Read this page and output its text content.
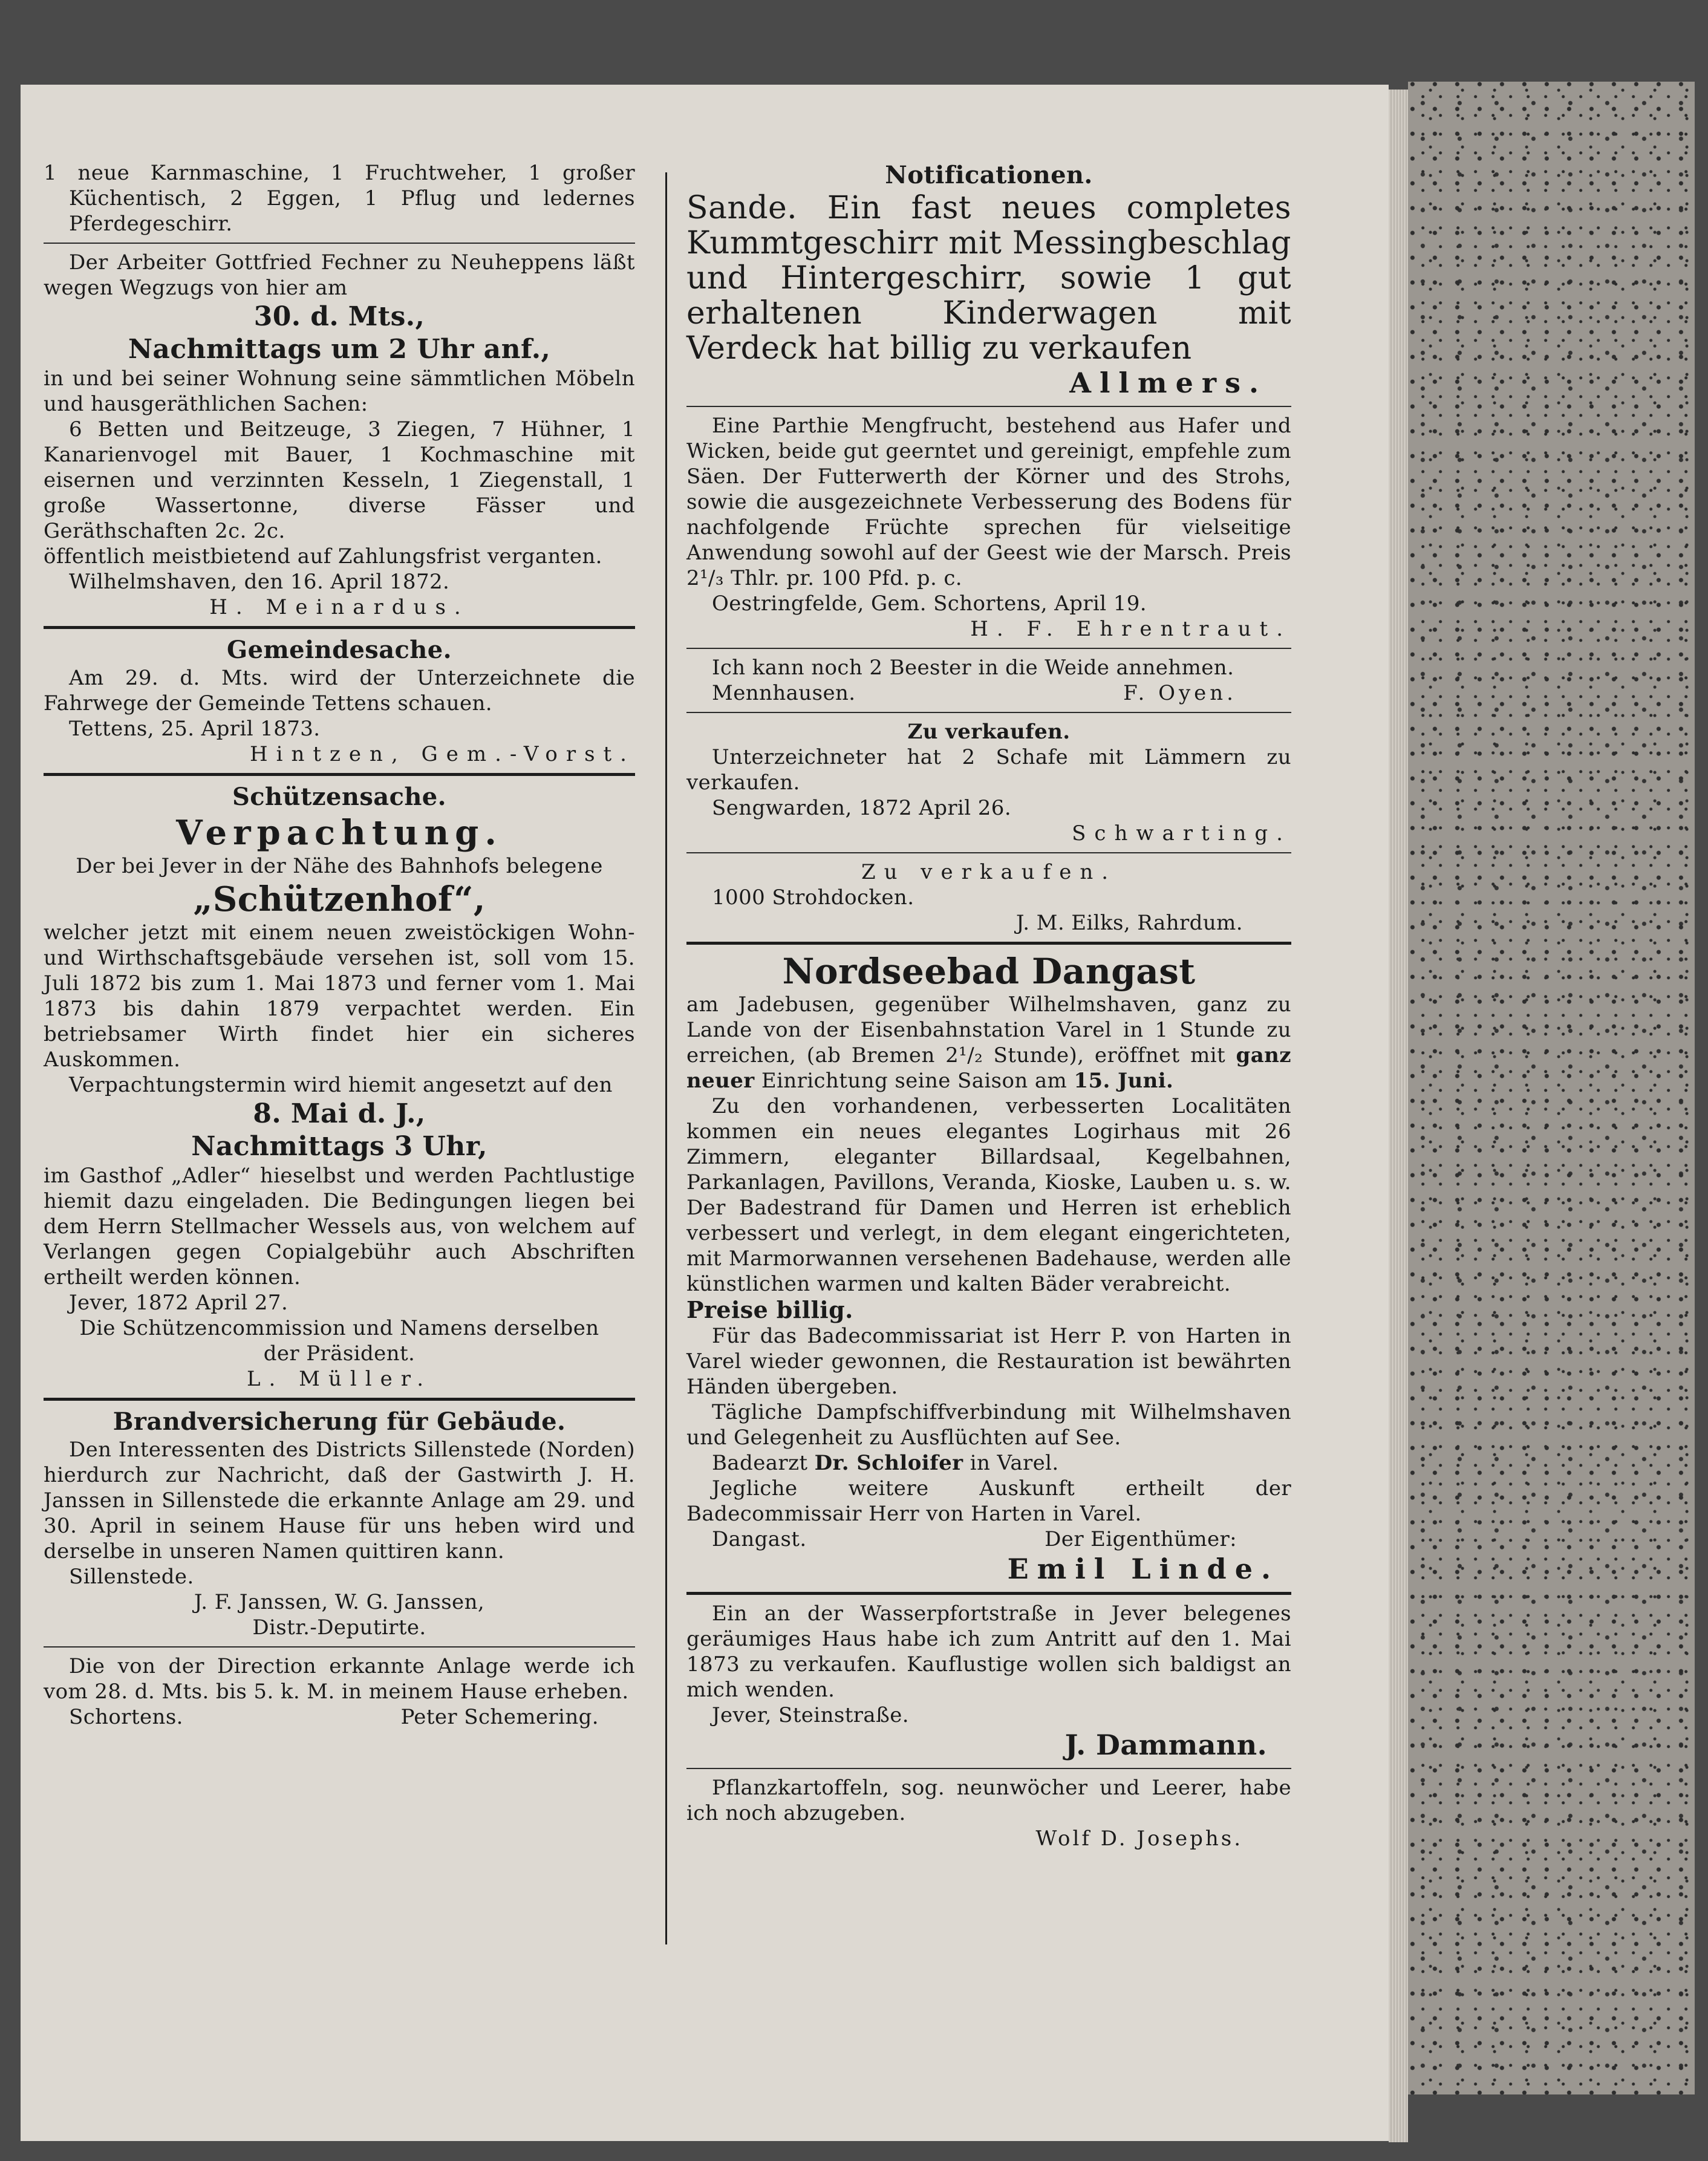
1 neue Karnmaschine, 1 Fruchtweher, 1 großer Küchentisch, 2 Eggen, 1 Pflug und ledernes Pferdegeschirr.

Der Arbeiter Gottfried Fechner zu Neuheppens läßt wegen Wegzugs von hier am

30. d. Mts.,

Nachmittags um 2 Uhr anf.,

in und bei seiner Wohnung seine sämmtlichen Möbeln und hausgeräthlichen Sachen:

6 Betten und Beitzeuge, 3 Ziegen, 7 Hühner, 1 Kanarienvogel mit Bauer, 1 Kochmaschine mit eisernen und verzinnten Kesseln, 1 Ziegenstall, 1 große Wassertonne, diverse Fässer und Geräthschaften 2c. 2c.

öffentlich meistbietend auf Zahlungsfrist verganten.

Wilhelmshaven, den 16. April 1872.

H. Meinardus.

Gemeindesache.

Am 29. d. Mts. wird der Unterzeichnete die Fahrwege der Gemeinde Tettens schauen.

Tettens, 25. April 1873.

Hintzen, Gem.-Vorst.

Schützensache.

Verpachtung.

Der bei Jever in der Nähe des Bahnhofs belegene

„Schützenhof“,

welcher jetzt mit einem neuen zweistöckigen Wohn- und Wirthschaftsgebäude versehen ist, soll vom 15. Juli 1872 bis zum 1. Mai 1873 und ferner vom 1. Mai 1873 bis dahin 1879 verpachtet werden. Ein betriebsamer Wirth findet hier ein sicheres Auskommen.

Verpachtungstermin wird hiemit angesetzt auf den

8. Mai d. J.,

Nachmittags 3 Uhr,

im Gasthof „Adler“ hieselbst und werden Pachtlustige hiemit dazu eingeladen. Die Bedingungen liegen bei dem Herrn Stellmacher Wessels aus, von welchem auf Verlangen gegen Copialgebühr auch Abschriften ertheilt werden können.

Jever, 1872 April 27.

Die Schützencommission und Namens derselben

der Präsident.

L. Müller.

Brandversicherung für Gebäude.

Den Interessenten des Districts Sillenstede (Norden) hierdurch zur Nachricht, daß der Gastwirth J. H. Janssen in Sillenstede die erkannte Anlage am 29. und 30. April in seinem Hause für uns heben wird und derselbe in unseren Namen quittiren kann.

Sillenstede.

J. F. Janssen, W. G. Janssen,

Distr.-Deputirte.

Die von der Direction erkannte Anlage werde ich vom 28. d. Mts. bis 5. k. M. in meinem Hause erheben.

Schortens.	Peter Schemering.

Notificationen.

Sande. Ein fast neues completes Kummtgeschirr mit Messingbeschlag und Hintergeschirr, sowie 1 gut erhaltenen Kinderwagen mit Verdeck hat billig zu verkaufen

Allmers.

Eine Parthie Mengfrucht, bestehend aus Hafer und Wicken, beide gut geerntet und gereinigt, empfehle zum Säen. Der Futterwerth der Körner und des Strohs, sowie die ausgezeichnete Verbesserung des Bodens für nachfolgende Früchte sprechen für vielseitige Anwendung sowohl auf der Geest wie der Marsch. Preis 2¹/₃ Thlr. pr. 100 Pfd. p. c.

Oestringfelde, Gem. Schortens, April 19.

H. F. Ehrentraut.

Ich kann noch 2 Beester in die Weide annehmen.

Mennhausen.	F. Oyen.

Zu verkaufen.

Unterzeichneter hat 2 Schafe mit Lämmern zu verkaufen.

Sengwarden, 1872 April 26.

Schwarting.

Zu verkaufen.

1000 Strohdocken.

J. M. Eilks, Rahrdum.

Nordseebad Dangast

am Jadebusen, gegenüber Wilhelmshaven, ganz zu Lande von der Eisenbahnstation Varel in 1 Stunde zu erreichen, (ab Bremen 2¹/₂ Stunde), eröffnet mit ganz neuer Einrichtung seine Saison am 15. Juni.

Zu den vorhandenen, verbesserten Localitäten kommen ein neues elegantes Logirhaus mit 26 Zimmern, eleganter Billardsaal, Kegelbahnen, Parkanlagen, Pavillons, Veranda, Kioske, Lauben u. s. w. Der Badestrand für Damen und Herren ist erheblich verbessert und verlegt, in dem elegant eingerichteten, mit Marmorwannen versehenen Badehause, werden alle künstlichen warmen und kalten Bäder verabreicht.

Preise billig.

Für das Badecommissariat ist Herr P. von Harten in Varel wieder gewonnen, die Restauration ist bewährten Händen übergeben.

Tägliche Dampfschiffverbindung mit Wilhelmshaven und Gelegenheit zu Ausflüchten auf See.

Badearzt Dr. Schloifer in Varel.

Jegliche weitere Auskunft ertheilt der Badecommissair Herr von Harten in Varel.

Dangast.	Der Eigenthümer:

Emil Linde.

Ein an der Wasserpfortstraße in Jever belegenes geräumiges Haus habe ich zum Antritt auf den 1. Mai 1873 zu verkaufen. Kauflustige wollen sich baldigst an mich wenden.

Jever, Steinstraße.

J. Dammann.

Pflanzkartoffeln, sog. neunwöcher und Leerer, habe ich noch abzugeben.

Wolf D. Josephs.
